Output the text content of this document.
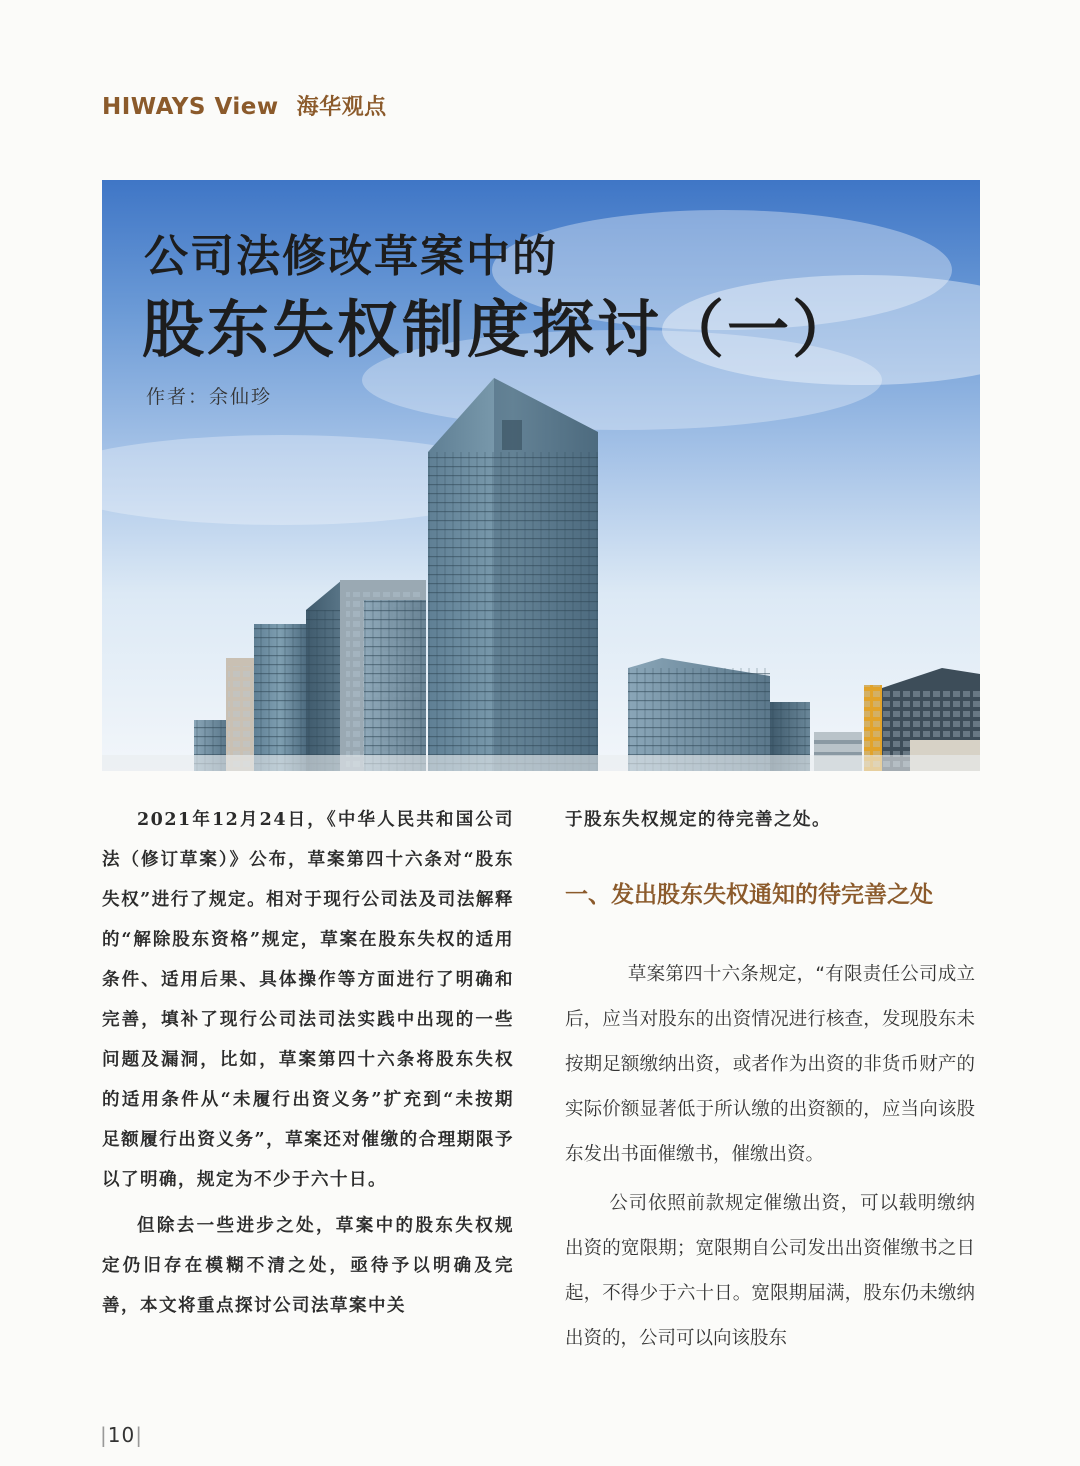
HIWAYS View 海华观点
公司法修改草案中的
股东失权制度探讨（一）
作者：余仙珍

2021年12月24日，《中华人民共和国公司法（修订草案）》公布，草案第四十六条对“股东失权”进行了规定。相对于现行公司法及司法解释的“解除股东资格”规定，草案在股东失权的适用条件、适用后果、具体操作等方面进行了明确和完善，填补了现行公司法司法实践中出现的一些问题及漏洞，比如，草案第四十六条将股东失权的适用条件从“未履行出资义务”扩充到“未按期足额履行出资义务”，草案还对催缴的合理期限予以了明确，规定为不少于六十日。

但除去一些进步之处，草案中的股东失权规定仍旧存在模糊不清之处，亟待予以明确及完善，本文将重点探讨公司法草案中关

于股东失权规定的待完善之处。

一、发出股东失权通知的待完善之处

草案第四十六条规定，“有限责任公司成立后，应当对股东的出资情况进行核查，发现股东未按期足额缴纳出资，或者作为出资的非货币财产的实际价额显著低于所认缴的出资额的，应当向该股东发出书面催缴书，催缴出资。

公司依照前款规定催缴出资，可以载明缴纳出资的宽限期；宽限期自公司发出出资催缴书之日起，不得少于六十日。宽限期届满，股东仍未缴纳出资的，公司可以向该股东

|10|
